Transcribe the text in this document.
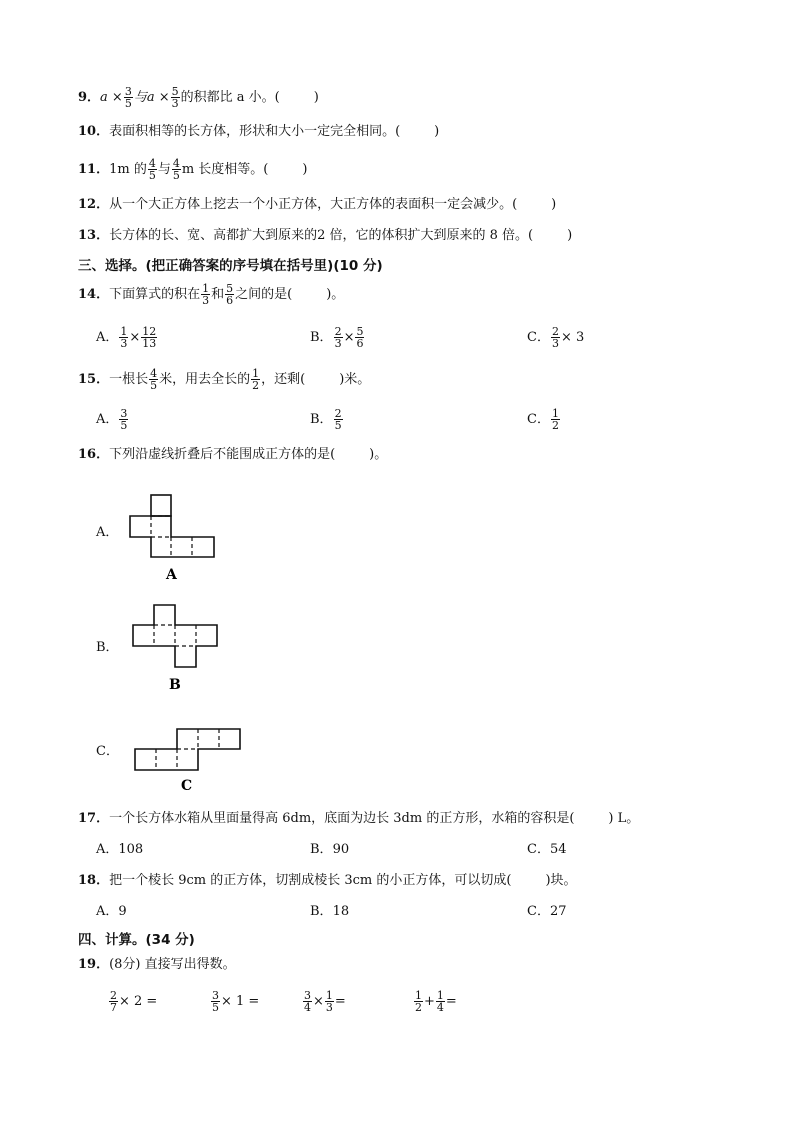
9．$a \times \frac{3}{5}$ 与$a \times \frac{5}{3}$ 的积都比 a 小。(	)
10．表面积相等的长方体，形状和大小一定完全相同。(	)
11．1m 的 $\frac{4}{5}$ 与 $\frac{4}{5}$ m 长度相等。(	)
12．从一个大正方体上挖去一个小正方体，大正方体的表面积一定会减少。(	)
13．长方体的长、宽、高都扩大到原来的2 倍，它的体积扩大到原来的 8 倍。(	)
三、选择。(把正确答案的序号填在括号里)(10 分)
14．下面算式的积在 $\frac{1}{3}$ 和 $\frac{5}{6}$ 之间的是(	)。
A． $\frac{1}{3} \times \frac{12}{13}$	B． $\frac{2}{3} \times \frac{5}{6}$	C． $\frac{2}{3} \times 3$
15．一根长 $\frac{4}{5}$ 米，用去全长的 $\frac{1}{2}$ ，还剩(	)米。
A． $\frac{3}{5}$	B． $\frac{2}{5}$	C． $\frac{1}{2}$
16．下列沿虚线折叠后不能围成正方体的是(	)。
A．
A
B．
B
C．
C
17．一个长方体水箱从里面量得高 6dm，底面为边长 3dm 的正方形，水箱的容积是(	) L。
A．108	B．90	C．54
18．把一个棱长 9cm 的正方体，切割成棱长 3cm 的小正方体，可以切成(	)块。
A．9	B．18	C．27
四、计算。(34 分)
19．(8分) 直接写出得数。
$\frac{2}{7} \times 2$ =	$\frac{3}{5} \times 1$ =	$\frac{3}{4} \times \frac{1}{3}$ =	$\frac{1}{2} + \frac{1}{4}$ =
